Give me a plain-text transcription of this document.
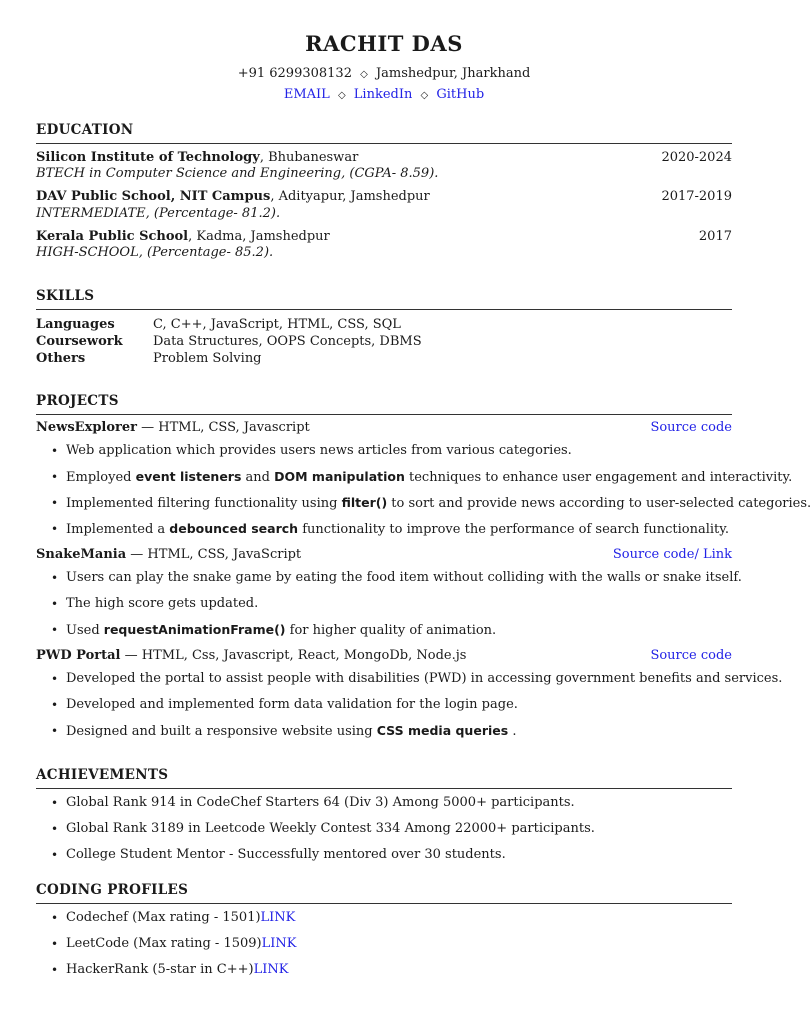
RACHIT DAS
+91 6299308132 ◇ Jamshedpur, Jharkhand
EMAIL ◇ LinkedIn ◇ GitHub
EDUCATION
Silicon Institute of Technology, Bhubaneswar	2020-2024
BTECH in Computer Science and Engineering, (CGPA- 8.59).
DAV Public School, NIT Campus, Adityapur, Jamshedpur	2017-2019
INTERMEDIATE, (Percentage- 81.2).
Kerala Public School, Kadma, Jamshedpur	2017
HIGH-SCHOOL, (Percentage- 85.2).
SKILLS
Languages	C, C++, JavaScript, HTML, CSS, SQL
Coursework	Data Structures, OOPS Concepts, DBMS
Others	Problem Solving
PROJECTS
NewsExplorer — HTML, CSS, Javascript	Source code
• Web application which provides users news articles from various categories.
• Employed event listeners and DOM manipulation techniques to enhance user engagement and interactivity.
• Implemented filtering functionality using filter() to sort and provide news according to user-selected categories.
• Implemented a debounced search functionality to improve the performance of search functionality.
SnakeMania — HTML, CSS, JavaScript	Source code/ Link
• Users can play the snake game by eating the food item without colliding with the walls or snake itself.
• The high score gets updated.
• Used requestAnimationFrame() for higher quality of animation.
PWD Portal — HTML, Css, Javascript, React, MongoDb, Node.js	Source code
• Developed the portal to assist people with disabilities (PWD) in accessing government benefits and services.
• Developed and implemented form data validation for the login page.
• Designed and built a responsive website using CSS media queries .
ACHIEVEMENTS
• Global Rank 914 in CodeChef Starters 64 (Div 3) Among 5000+ participants.
• Global Rank 3189 in Leetcode Weekly Contest 334 Among 22000+ participants.
• College Student Mentor - Successfully mentored over 30 students.
CODING PROFILES
• Codechef (Max rating - 1501)LINK
• LeetCode (Max rating - 1509)LINK
• HackerRank (5-star in C++)LINK
